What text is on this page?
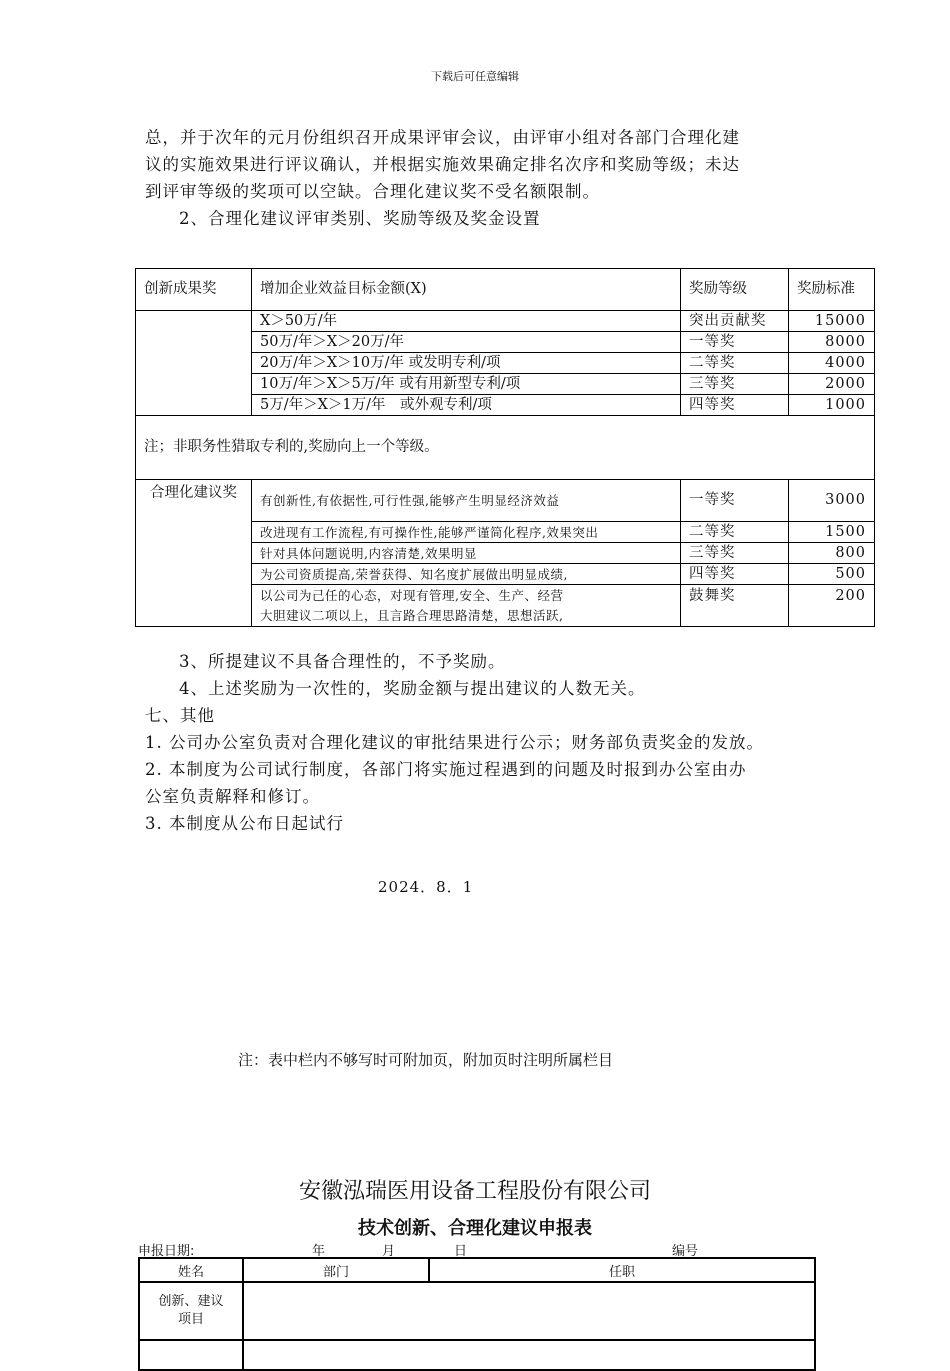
下载后可任意编辑
总，并于次年的元月份组织召开成果评审会议，由评审小组对各部门合理化建
议的实施效果进行评议确认，并根据实施效果确定排名次序和奖励等级；未达
到评审等级的奖项可以空缺。合理化建议奖不受名额限制。
2、合理化建议评审类别、奖励等级及奖金设置
创新成果奖	增加企业效益目标金额(X)	奖励等级	奖励标准
	X＞50万/年	突出贡献奖	15000
	50万/年＞X＞20万/年	一等奖	8000
	20万/年＞X＞10万/年 或发明专利/项	二等奖	4000
	10万/年＞X＞5万/年 或有用新型专利/项	三等奖	2000
	5万/年＞X＞1万/年　或外观专利/项	四等奖	1000
注；非职务性猎取专利的,奖励向上一个等级。			
合理化建议奖	有创新性,有依据性,可行性强,能够产生明显经济效益	一等奖	3000
	改进现有工作流程,有可操作性,能够严谨简化程序,效果突出	二等奖	1500
	针对具体问题说明,内容清楚,效果明显	三等奖	800
	为公司资质提高,荣誉获得、知名度扩展做出明显成绩,	四等奖	500

	以公司为己任的心态，对现有管理,安全、生产、经营
大胆建议二项以上，且言路合理思路清楚，思想活跃,	鼓舞奖	200
3、所提建议不具备合理性的，不予奖励。
4、上述奖励为一次性的，奖励金额与提出建议的人数无关。
七、其他
1. 公司办公室负责对合理化建议的审批结果进行公示；财务部负责奖金的发放。
2. 本制度为公司试行制度，各部门将实施过程遇到的问题及时报到办公室由办
公室负责解释和修订。
3. 本制度从公布日起试行
2024．8．1
注：表中栏内不够写时可附加页，附加页时注明所属栏目
安徽泓瑞医用设备工程股份有限公司
技术创新、合理化建议申报表
申报日期:	年	月	日	编号
姓名	部门	任职

创新、建议
项目		
